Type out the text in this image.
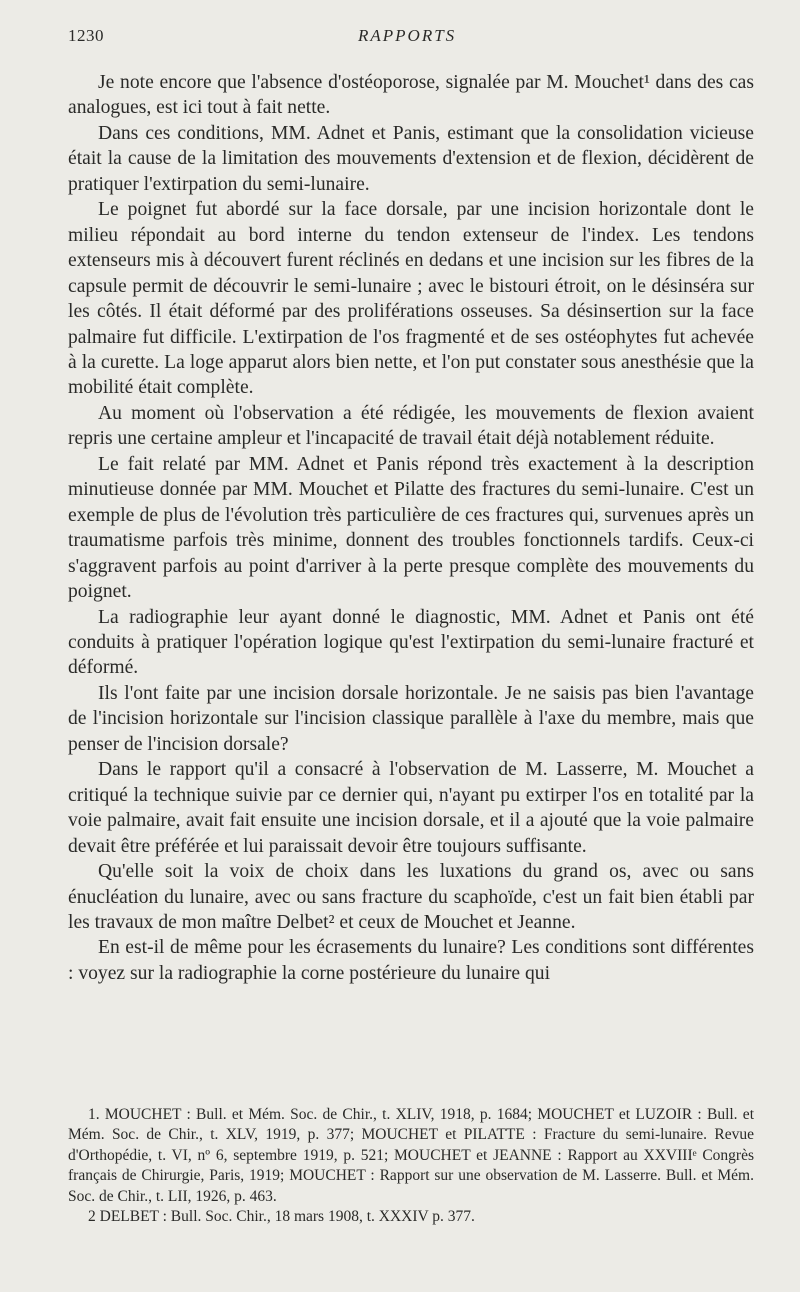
1230	RAPPORTS

Je note encore que l'absence d'ostéoporose, signalée par M. Mouchet¹ dans des cas analogues, est ici tout à fait nette.

Dans ces conditions, MM. Adnet et Panis, estimant que la consolidation vicieuse était la cause de la limitation des mouvements d'extension et de flexion, décidèrent de pratiquer l'extirpation du semi-lunaire.

Le poignet fut abordé sur la face dorsale, par une incision horizontale dont le milieu répondait au bord interne du tendon extenseur de l'index. Les tendons extenseurs mis à découvert furent réclinés en dedans et une incision sur les fibres de la capsule permit de découvrir le semi-lunaire ; avec le bistouri étroit, on le désinséra sur les côtés. Il était déformé par des proliférations osseuses. Sa désinsertion sur la face palmaire fut difficile. L'extirpation de l'os fragmenté et de ses ostéophytes fut achevée à la curette. La loge apparut alors bien nette, et l'on put constater sous anesthésie que la mobilité était complète.

Au moment où l'observation a été rédigée, les mouvements de flexion avaient repris une certaine ampleur et l'incapacité de travail était déjà notablement réduite.

Le fait relaté par MM. Adnet et Panis répond très exactement à la description minutieuse donnée par MM. Mouchet et Pilatte des fractures du semi-lunaire. C'est un exemple de plus de l'évolution très particulière de ces fractures qui, survenues après un traumatisme parfois très minime, donnent des troubles fonctionnels tardifs. Ceux-ci s'aggravent parfois au point d'arriver à la perte presque complète des mouvements du poignet.

La radiographie leur ayant donné le diagnostic, MM. Adnet et Panis ont été conduits à pratiquer l'opération logique qu'est l'extirpation du semi-lunaire fracturé et déformé.

Ils l'ont faite par une incision dorsale horizontale. Je ne saisis pas bien l'avantage de l'incision horizontale sur l'incision classique parallèle à l'axe du membre, mais que penser de l'incision dorsale?

Dans le rapport qu'il a consacré à l'observation de M. Lasserre, M. Mouchet a critiqué la technique suivie par ce dernier qui, n'ayant pu extirper l'os en totalité par la voie palmaire, avait fait ensuite une incision dorsale, et il a ajouté que la voie palmaire devait être préférée et lui paraissait devoir être toujours suffisante.

Qu'elle soit la voix de choix dans les luxations du grand os, avec ou sans énucléation du lunaire, avec ou sans fracture du scaphoïde, c'est un fait bien établi par les travaux de mon maître Delbet² et ceux de Mouchet et Jeanne.

En est-il de même pour les écrasements du lunaire? Les conditions sont différentes : voyez sur la radiographie la corne postérieure du lunaire qui

1. MOUCHET : Bull. et Mém. Soc. de Chir., t. XLIV, 1918, p. 1684; MOUCHET et LUZOIR : Bull. et Mém. Soc. de Chir., t. XLV, 1919, p. 377; MOUCHET et PILATTE : Fracture du semi-lunaire. Revue d'Orthopédie, t. VI, nº 6, septembre 1919, p. 521; MOUCHET et JEANNE : Rapport au XXVIIIᵉ Congrès français de Chirurgie, Paris, 1919; MOUCHET : Rapport sur une observation de M. Lasserre. Bull. et Mém. Soc. de Chir., t. LII, 1926, p. 463.

2 DELBET : Bull. Soc. Chir., 18 mars 1908, t. XXXIV p. 377.
